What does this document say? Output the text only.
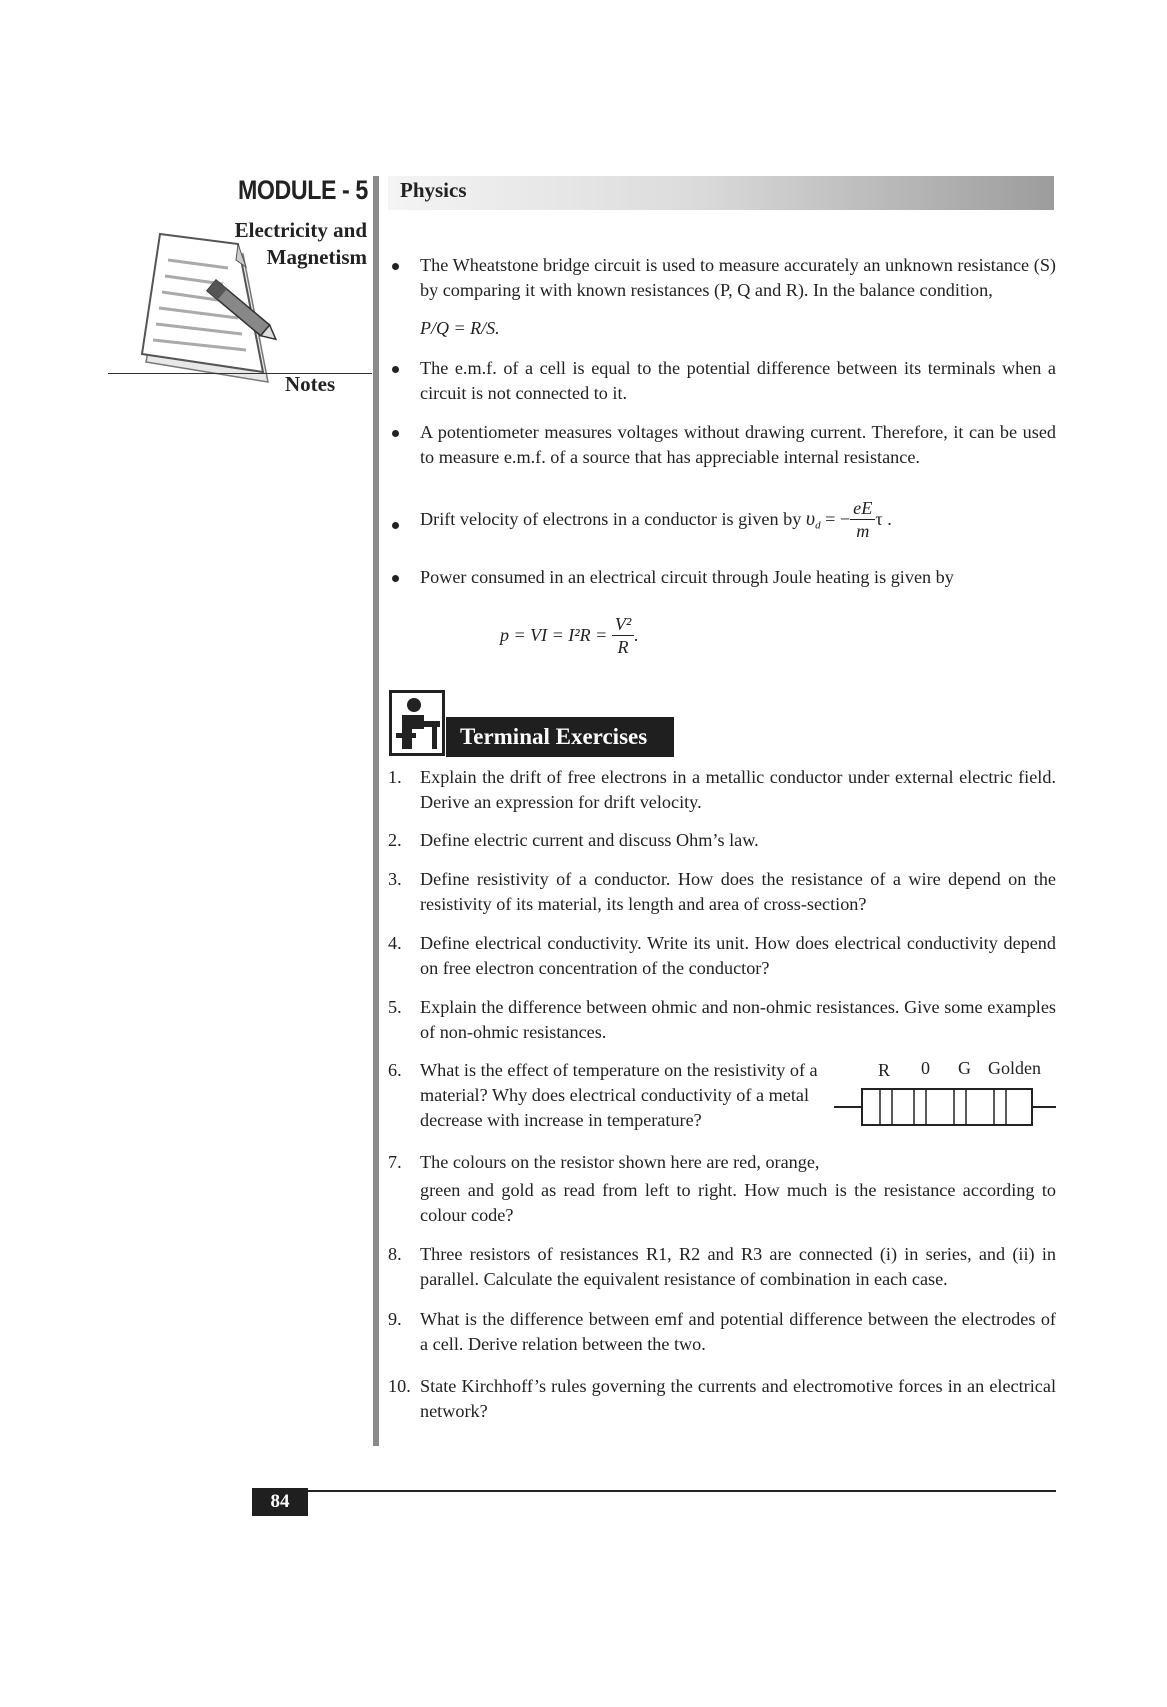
MODULE - 5
Electricity and
Magnetism
Notes
Physics
The Wheatstone bridge circuit is used to measure accurately an unknown resistance (S) by comparing it with known resistances (P, Q and R). In the balance condition,
P/Q = R/S.
The e.m.f. of a cell is equal to the potential difference between its terminals when a circuit is not connected to it.
A potentiometer measures voltages without drawing current. Therefore, it can be used to measure e.m.f. of a source that has appreciable internal resistance.
Drift velocity of electrons in a conductor is given by $\upsilon_d$ = − $\frac{eE}{m}$ τ .
Power consumed in an electrical circuit through Joule heating is given by
p = VI = $I^2R = \frac{\text{V²}}{R}$ .
Terminal Exercises
1. Explain the drift of free electrons in a metallic conductor under external electric field. Derive an expression for drift velocity.
2. Define electric current and discuss Ohm’s law.
3. Define resistivity of a conductor. How does the resistance of a wire depend on the resistivity of its material, its length and area of cross-section?
4. Define electrical conductivity. Write its unit. How does electrical conductivity depend on free electron concentration of the conductor?
5. Explain the difference between ohmic and non-ohmic resistances. Give some examples of non-ohmic resistances.
6. What is the effect of temperature on the resistivity of a material? Why does electrical conductivity of a metal decrease with increase in temperature?
R 0 G Golden
7. The colours on the resistor shown here are red, orange,
green and gold as read from left to right. How much is the resistance according to colour code?
8. Three resistors of resistances R1, R2 and R3 are connected (i) in series, and (ii) in parallel. Calculate the equivalent resistance of combination in each case.
9. What is the difference between emf and potential difference between the electrodes of a cell. Derive relation between the two.
10. State Kirchhoff’s rules governing the currents and electromotive forces in an electrical network?
84
